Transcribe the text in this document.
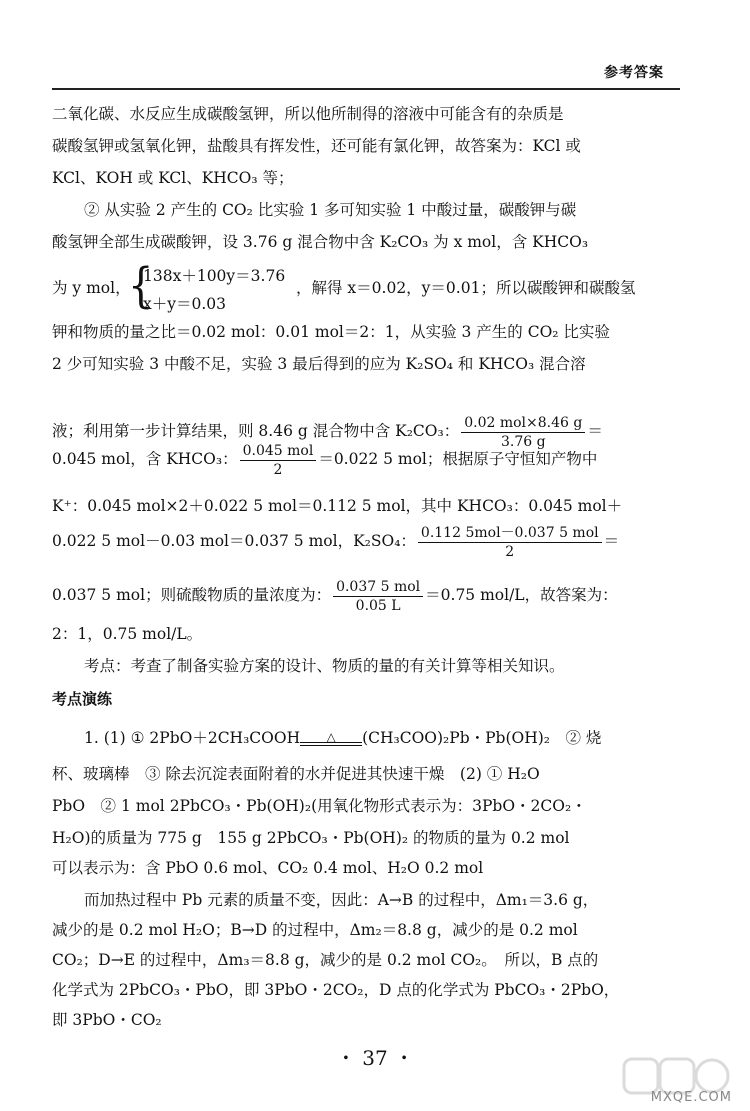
参考答案
二氧化碳、水反应生成碳酸氢钾，所以他所制得的溶液中可能含有的杂质是
碳酸氢钾或氢氧化钾，盐酸具有挥发性，还可能有氯化钾，故答案为：KCl 或
KCl、KOH 或 KCl、KHCO₃ 等；
② 从实验 2 产生的 CO₂ 比实验 1 多可知实验 1 中酸过量，碳酸钾与碳
酸氢钾全部生成碳酸钾，设 3.76 g 混合物中含 K₂CO₃ 为 x mol，含 KHCO₃
为 y mol，
{
138x＋100y＝3.76
x＋y＝0.03
，解得 x＝0.02，y＝0.01；所以碳酸钾和碳酸氢
钾和物质的量之比＝0.02 mol：0.01 mol＝2：1，从实验 3 产生的 CO₂ 比实验
2 少可知实验 3 中酸不足，实验 3 最后得到的应为 K₂SO₄ 和 KHCO₃ 混合溶
液；利用第一步计算结果，则 8.46 g 混合物中含 K₂CO₃： $\frac{\text{0.02 mol×8.46 g}}{3.76 g}$ ＝
0.045 mol，含 KHCO₃： $\frac{\text{0.045 mol}}{2} =0.022$ 5 mol；根据原子守恒知产物中
K⁺：0.045 mol×2＋0.022 5 mol＝0.112 5 mol，其中 KHCO₃：0.045 mol＋
0.022 5 mol－0.03 mol＝0.037 5 mol，K₂SO₄： $\frac{\text{0.112 5mol－0.037 5 mol}}{2}$ ＝
0.037 5 mol；则硫酸物质的量浓度为： $\frac{\text{0.037 5 mol}}{0.05 L} =0.75$ mol/L，故答案为：
2：1，0.75 mol/L。
考点：考查了制备实验方案的设计、物质的量的有关计算等相关知识。
考点演练
1. (1) ① 2PbO＋2CH₃COOH	△	(CH₃COO)₂Pb・Pb(OH)₂　② 烧
杯、玻璃棒　③ 除去沉淀表面附着的水并促进其快速干燥　(2) ① H₂O
PbO　② 1 mol 2PbCO₃・Pb(OH)₂(用氧化物形式表示为：3PbO・2CO₂・
H₂O)的质量为 775 g　155 g 2PbCO₃・Pb(OH)₂ 的物质的量为 0.2 mol
可以表示为：含 PbO 0.6 mol、CO₂ 0.4 mol、H₂O 0.2 mol
而加热过程中 Pb 元素的质量不变，因此：A→B 的过程中，Δm₁＝3.6 g，
减少的是 0.2 mol H₂O；B→D 的过程中，Δm₂＝8.8 g，减少的是 0.2 mol
CO₂；D→E 的过程中，Δm₃＝8.8 g，减少的是 0.2 mol CO₂。　所以，B 点的
化学式为 2PbCO₃・PbO，即 3PbO・2CO₂，D 点的化学式为 PbCO₃・2PbO，
即 3PbO・CO₂
・ 37 ・
MXQE.COM
